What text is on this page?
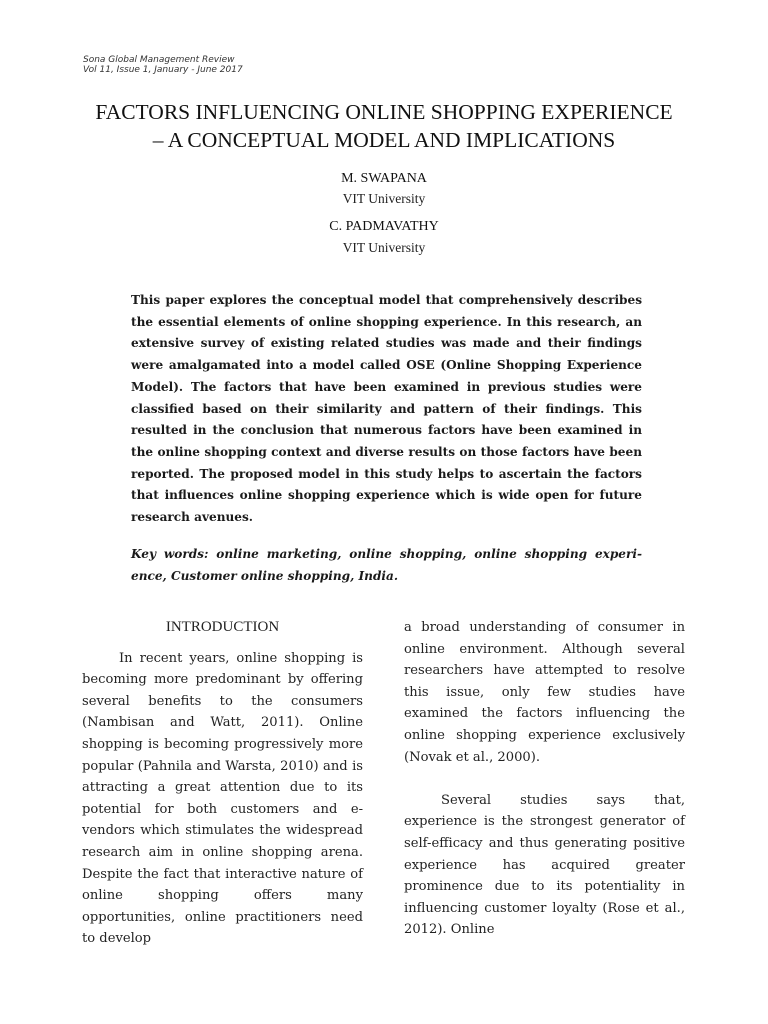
Sona Global Management Review
Vol 11, Issue 1, January - June 2017
FACTORS INFLUENCING ONLINE SHOPPING EXPERIENCE
– A CONCEPTUAL MODEL AND IMPLICATIONS
M. SWAPANA
VIT University
C. PADMAVATHY
VIT University

This paper explores the conceptual model that comprehensively describes the essential elements of online shopping experience. In this research, an extensive survey of existing related studies was made and their findings were amalgamated into a model called OSE (Online Shopping Experience Model). The factors that have been examined in previous studies were classified based on their similarity and pattern of their findings. This resulted in the conclusion that numerous factors have been examined in the online shopping context and diverse results on those factors have been reported. The proposed model in this study helps to ascertain the factors that influences online shopping experience which is wide open for future research avenues.

Key words: online marketing, online shopping, online shopping experi-ence, Customer online shopping, India.

INTRODUCTION

In recent years, online shopping is becoming more predominant by offering several benefits to the consumers (Nambisan and Watt, 2011). Online shopping is becoming progressively more popular (Pahnila and Warsta, 2010) and is attracting a great attention due to its potential for both customers and e-vendors which stimulates the widespread research aim in online shopping arena. Despite the fact that interactive nature of online shopping offers many opportunities, online practitioners need to develop

a broad understanding of consumer in online environment. Although several researchers have attempted to resolve this issue, only few studies have examined the factors influencing the online shopping experience exclusively (Novak et al., 2000).

Several studies says that, experience is the strongest generator of self-efficacy and thus generating positive experience has acquired greater prominence due to its potentiality in influencing customer loyalty (Rose et al., 2012). Online
